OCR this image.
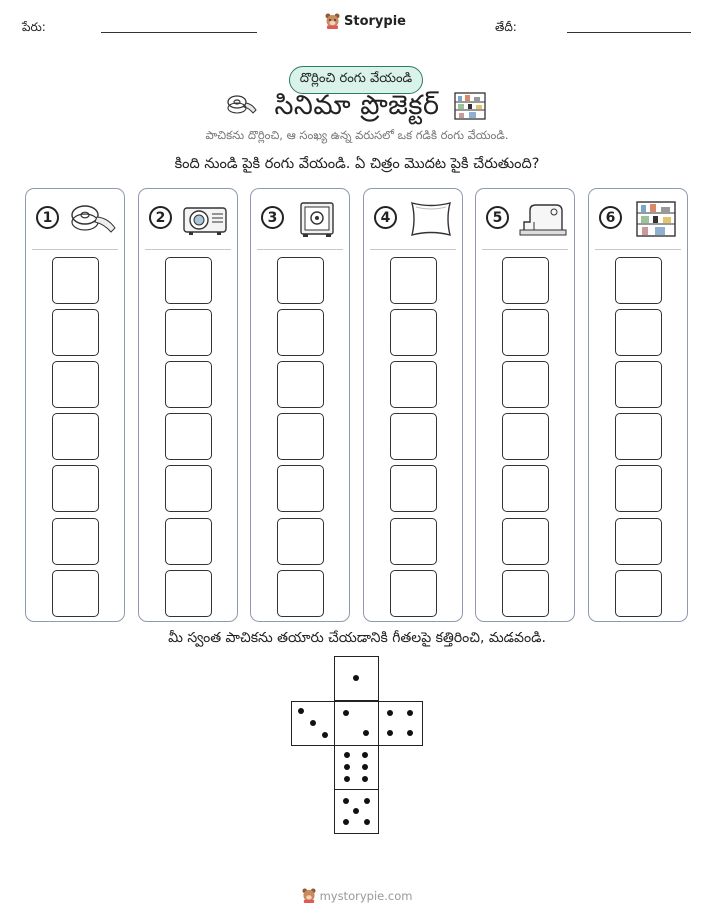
పేరు:	Storypie	తేదీ:
దొర్లించి రంగు వేయండి
సినిమా ప్రొజెక్టర్
పాచికను దొర్లించి, ఆ సంఖ్య ఉన్న వరుసలో ఒక గడికి రంగు వేయండి.
కింది నుండి పైకి రంగు వేయండి. ఏ చిత్రం మొదట పైకి చేరుతుంది?
1	2	3	4	5	6
మీ స్వంత పాచికను తయారు చేయడానికి గీతలపై కత్తిరించి, మడవండి.
mystorypie.com
